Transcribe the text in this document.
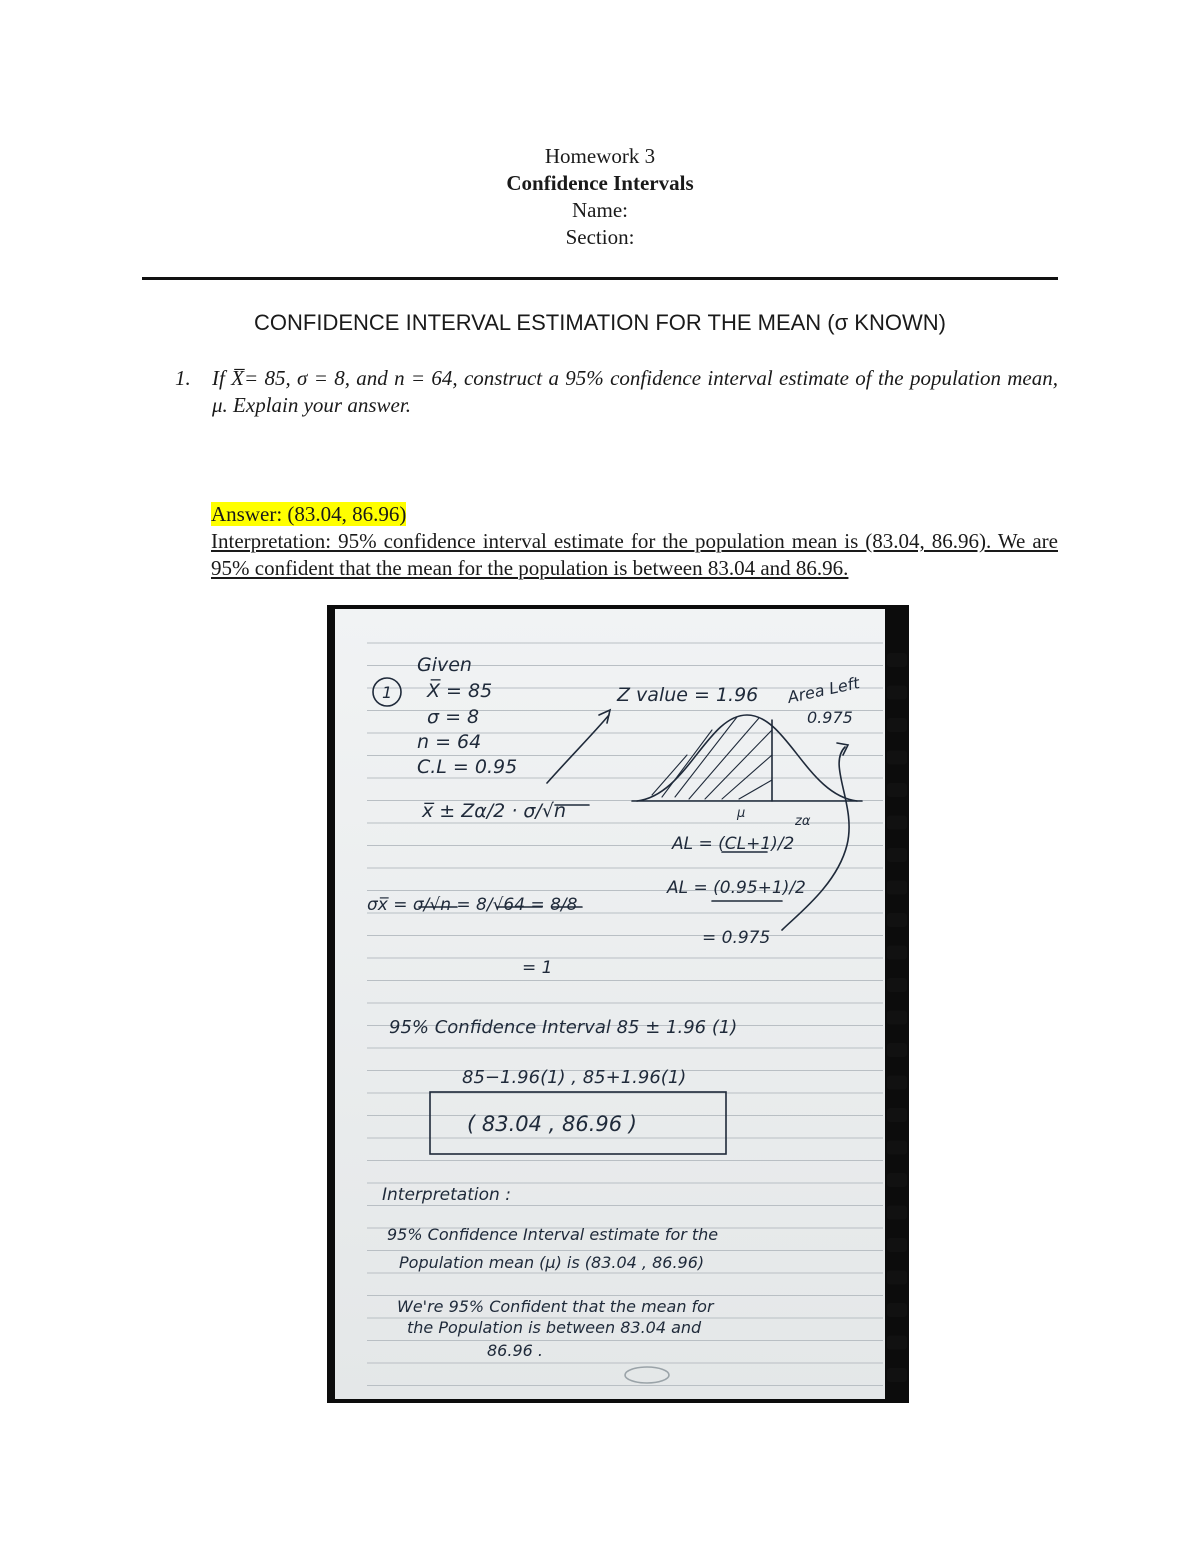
Homework 3
Confidence Intervals
Name:
Section:
CONFIDENCE INTERVAL ESTIMATION FOR THE MEAN (σ KNOWN)
1.	If X̅= 85, σ = 8, and n = 64, construct a 95% confidence interval estimate of the population mean, μ. Explain your answer.
Answer: (83.04, 86.96)
Interpretation: 95% confidence interval estimate for the population mean is (83.04, 86.96). We are 95% confident that the mean for the population is between 83.04 and 86.96.
Given
1 X̅ = 85
σ = 8
n = 64
C.L = 0.95
x̅ ± Zα/2 · σ/√n
Z value = 1.96 Area Left
0.975
μ
zα
AL = (CL+1)/2
AL = (0.95+1)/2
= 0.975
σx̅ = σ/√n = 8/√64 = 8/8
= 1
95% Confidence Interval 85 ± 1.96 (1)
85−1.96(1) , 85+1.96(1)
( 83.04 , 86.96 )
Interpretation :
95% Confidence Interval estimate for the
Population mean (μ) is (83.04 , 86.96)
We're 95% Confident that the mean for
the Population is between 83.04 and
86.96 .
